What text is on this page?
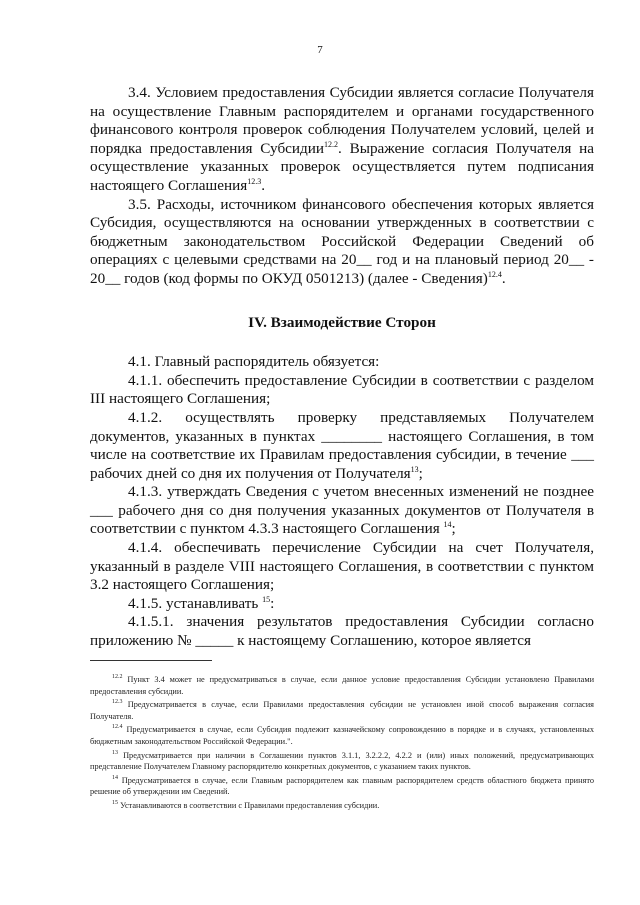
7

3.4. Условием предоставления Субсидии является согласие Получателя на осуществление Главным распорядителем и органами государственного финансового контроля проверок соблюдения Получателем условий, целей и порядка предоставления Субсидии$^{12.2}$. Выражение согласия Получателя на осуществление указанных проверок осуществляется путем подписания настоящего Соглашения$^{12.3}$.

3.5. Расходы, источником финансового обеспечения которых является Субсидия, осуществляются на основании утвержденных в соответствии с бюджетным законодательством Российской Федерации Сведений об операциях с целевыми средствами на 20__ год и на плановый период 20__ - 20__ годов (код формы по ОКУД 0501213) (далее - Сведения)$^{12.4}$.

IV. Взаимодействие Сторон

4.1. Главный распорядитель обязуется:

4.1.1. обеспечить предоставление Субсидии в соответствии с разделом III настоящего Соглашения;

4.1.2. осуществлять проверку представляемых Получателем документов, указанных в пунктах ________ настоящего Соглашения, в том числе на соответствие их Правилам предоставления субсидии, в течение ___ рабочих дней со дня их получения от Получателя$^{13}$;

4.1.3. утверждать Сведения с учетом внесенных изменений не позднее ___ рабочего дня со дня получения указанных документов от Получателя в соответствии с пунктом 4.3.3 настоящего Соглашения $^{14}$;

4.1.4. обеспечивать перечисление Субсидии на счет Получателя, указанный в разделе VIII настоящего Соглашения, в соответствии с пунктом 3.2 настоящего Соглашения;

4.1.5. устанавливать $^{15}$:

4.1.5.1. значения результатов предоставления Субсидии согласно приложению № _____ к настоящему Соглашению, которое является

$^{12.2}$ Пункт 3.4 может не предусматриваться в случае, если данное условие предоставления Субсидии установлено Правилами предоставления субсидии.

$^{12.3}$ Предусматривается в случае, если Правилами предоставления субсидии не установлен иной способ выражения согласия Получателя.

$^{12.4}$ Предусматривается в случае, если Субсидия подлежит казначейскому сопровождению в порядке и в случаях, установленных бюджетным законодательством Российской Федерации.".

$^{13}$ Предусматривается при наличии в Соглашении пунктов 3.1.1, 3.2.2.2, 4.2.2 и (или) иных положений, предусматривающих представление Получателем Главному распорядителю конкретных документов, с указанием таких пунктов.

$^{14}$ Предусматривается в случае, если Главным распорядителем как главным распорядителем средств областного бюджета принято решение об утверждении им Сведений.

$^{15}$ Устанавливаются в соответствии с Правилами предоставления субсидии.
